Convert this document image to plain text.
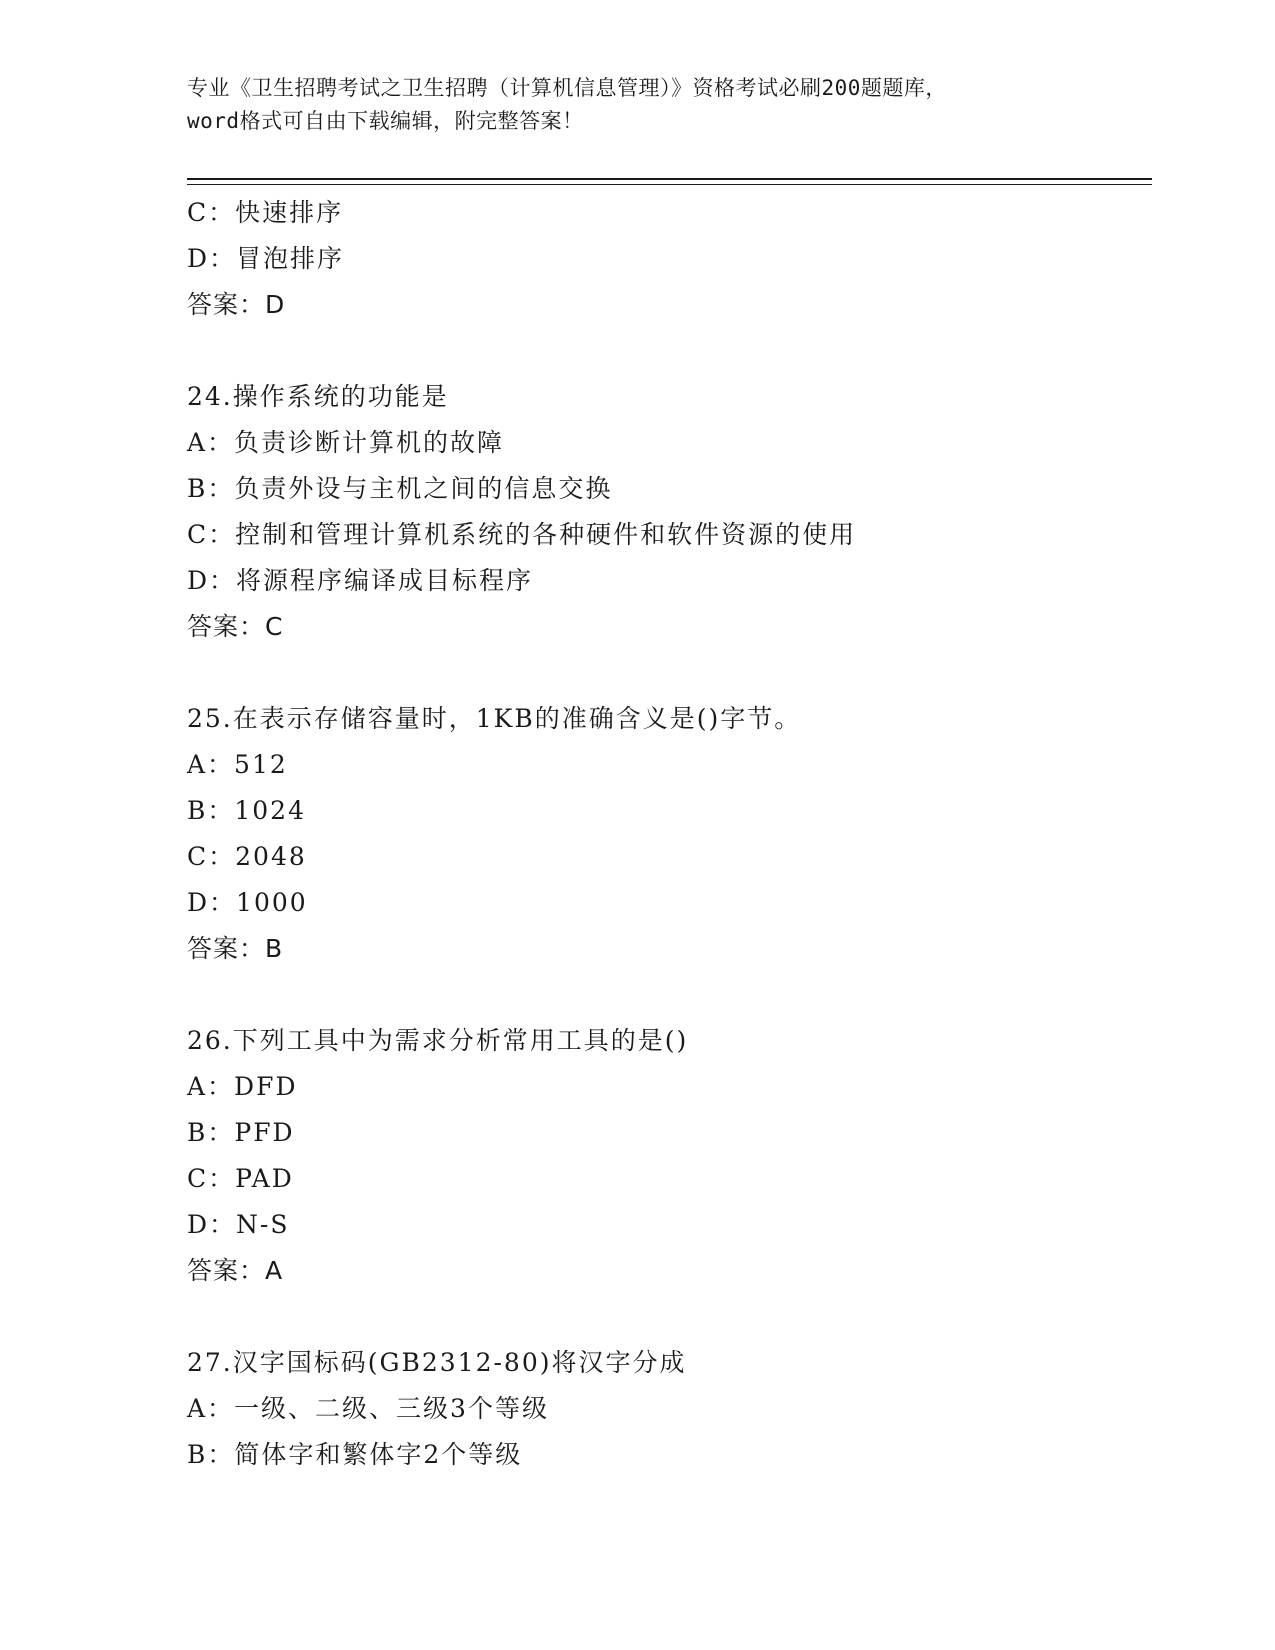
专业《卫生招聘考试之卫生招聘（计算机信息管理）》资格考试必刷200题题库，
word格式可自由下载编辑，附完整答案！
C：快速排序
D：冒泡排序
答案：D
24.操作系统的功能是
A：负责诊断计算机的故障
B：负责外设与主机之间的信息交换
C：控制和管理计算机系统的各种硬件和软件资源的使用
D：将源程序编译成目标程序
答案：C
25.在表示存储容量时，1KB的准确含义是()字节。
A：512
B：1024
C：2048
D：1000
答案：B
26.下列工具中为需求分析常用工具的是()
A：DFD
B：PFD
C：PAD
D：N-S
答案：A
27.汉字国标码(GB2312-80)将汉字分成
A：一级、二级、三级3个等级
B：简体字和繁体字2个等级
